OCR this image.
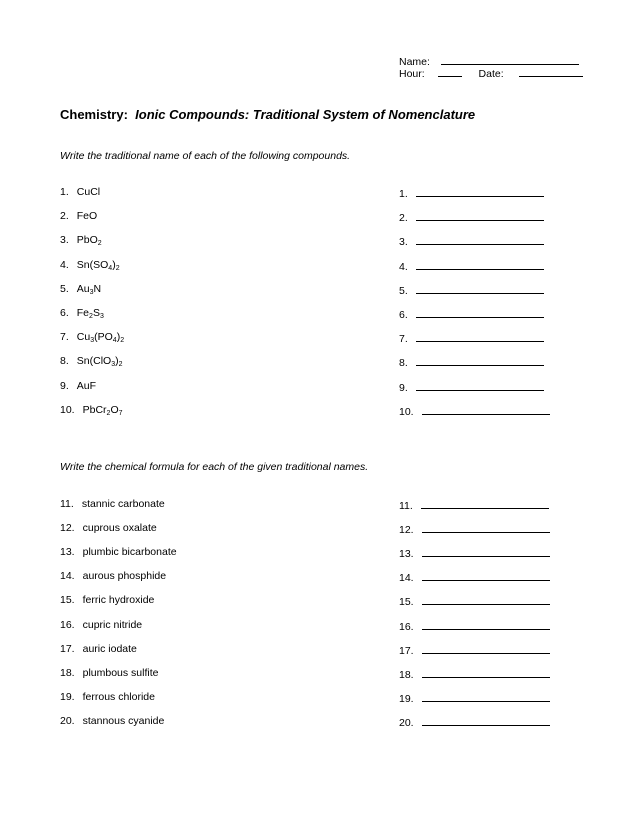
Name:
Hour:	Date:
Chemistry: Ionic Compounds: Traditional System of Nomenclature
Write the traditional name of each of the following compounds.
1. CuCl	1.
2. FeO	2.
3. PbO$_2$	3.
4. $Sn(SO_4)_2$	4.
5. $Au_3N$	5.
6. $Fe_2S_3$	6.
7. $Cu_3(PO_4)_2$	7.
8. $Sn(ClO_3)_2$	8.
9. AuF	9.
10. $PbCr_2O_7$	10.
Write the chemical formula for each of the given traditional names.
11. stannic carbonate	11.
12. cuprous oxalate	12.
13. plumbic bicarbonate	13.
14. aurous phosphide	14.
15. ferric hydroxide	15.
16. cupric nitride	16.
17. auric iodate	17.
18. plumbous sulfite	18.
19. ferrous chloride	19.
20. stannous cyanide	20.
